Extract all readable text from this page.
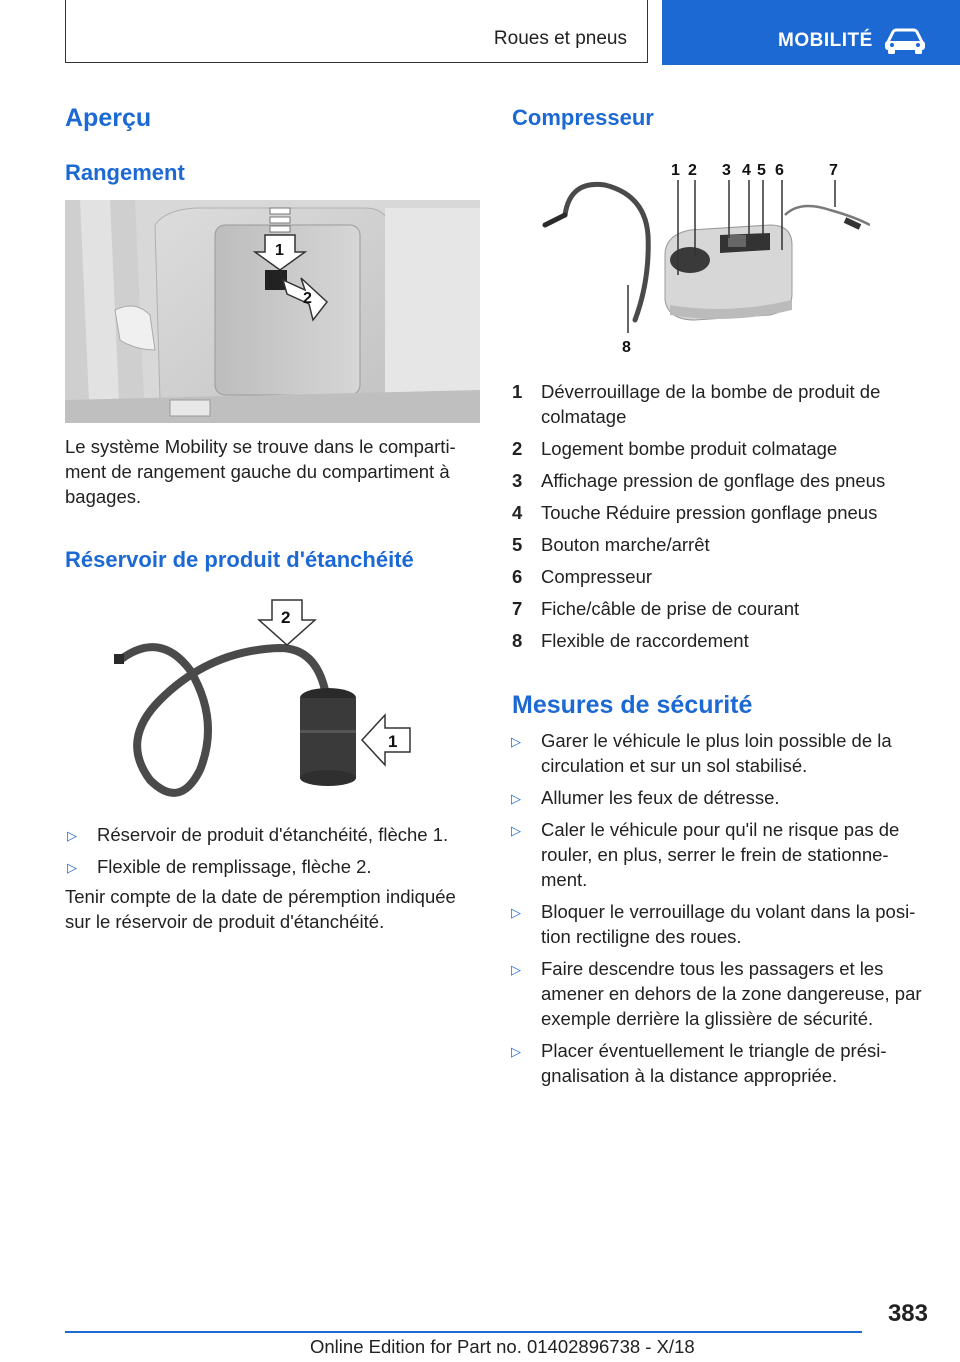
Roues et pneus	MOBILITÉ
Aperçu
Rangement
1
2
Le système Mobility se trouve dans le comparti-ment de rangement gauche du compartiment à bagages.
Réservoir de produit d'étanchéité
2
1
▷ Réservoir de produit d'étanchéité, flèche 1.
▷ Flexible de remplissage, flèche 2.
Tenir compte de la date de péremption indiquée sur le réservoir de produit d'étanchéité.
Compresseur
1 2 3 4 5 6	7
8
1 Déverrouillage de la bombe de produit de colmatage
2 Logement bombe produit colmatage
3 Affichage pression de gonflage des pneus
4 Touche Réduire pression gonflage pneus
5 Bouton marche/arrêt
6 Compresseur
7 Fiche/câble de prise de courant
8 Flexible de raccordement
Mesures de sécurité
▷ Garer le véhicule le plus loin possible de la circulation et sur un sol stabilisé.
▷ Allumer les feux de détresse.
▷ Caler le véhicule pour qu'il ne risque pas de rouler, en plus, serrer le frein de stationne-ment.
▷ Bloquer le verrouillage du volant dans la posi-tion rectiligne des roues.
▷ Faire descendre tous les passagers et les amener en dehors de la zone dangereuse, par exemple derrière la glissière de sécurité.
▷ Placer éventuellement le triangle de prési-gnalisation à la distance appropriée.
383
Online Edition for Part no. 01402896738 - X/18
